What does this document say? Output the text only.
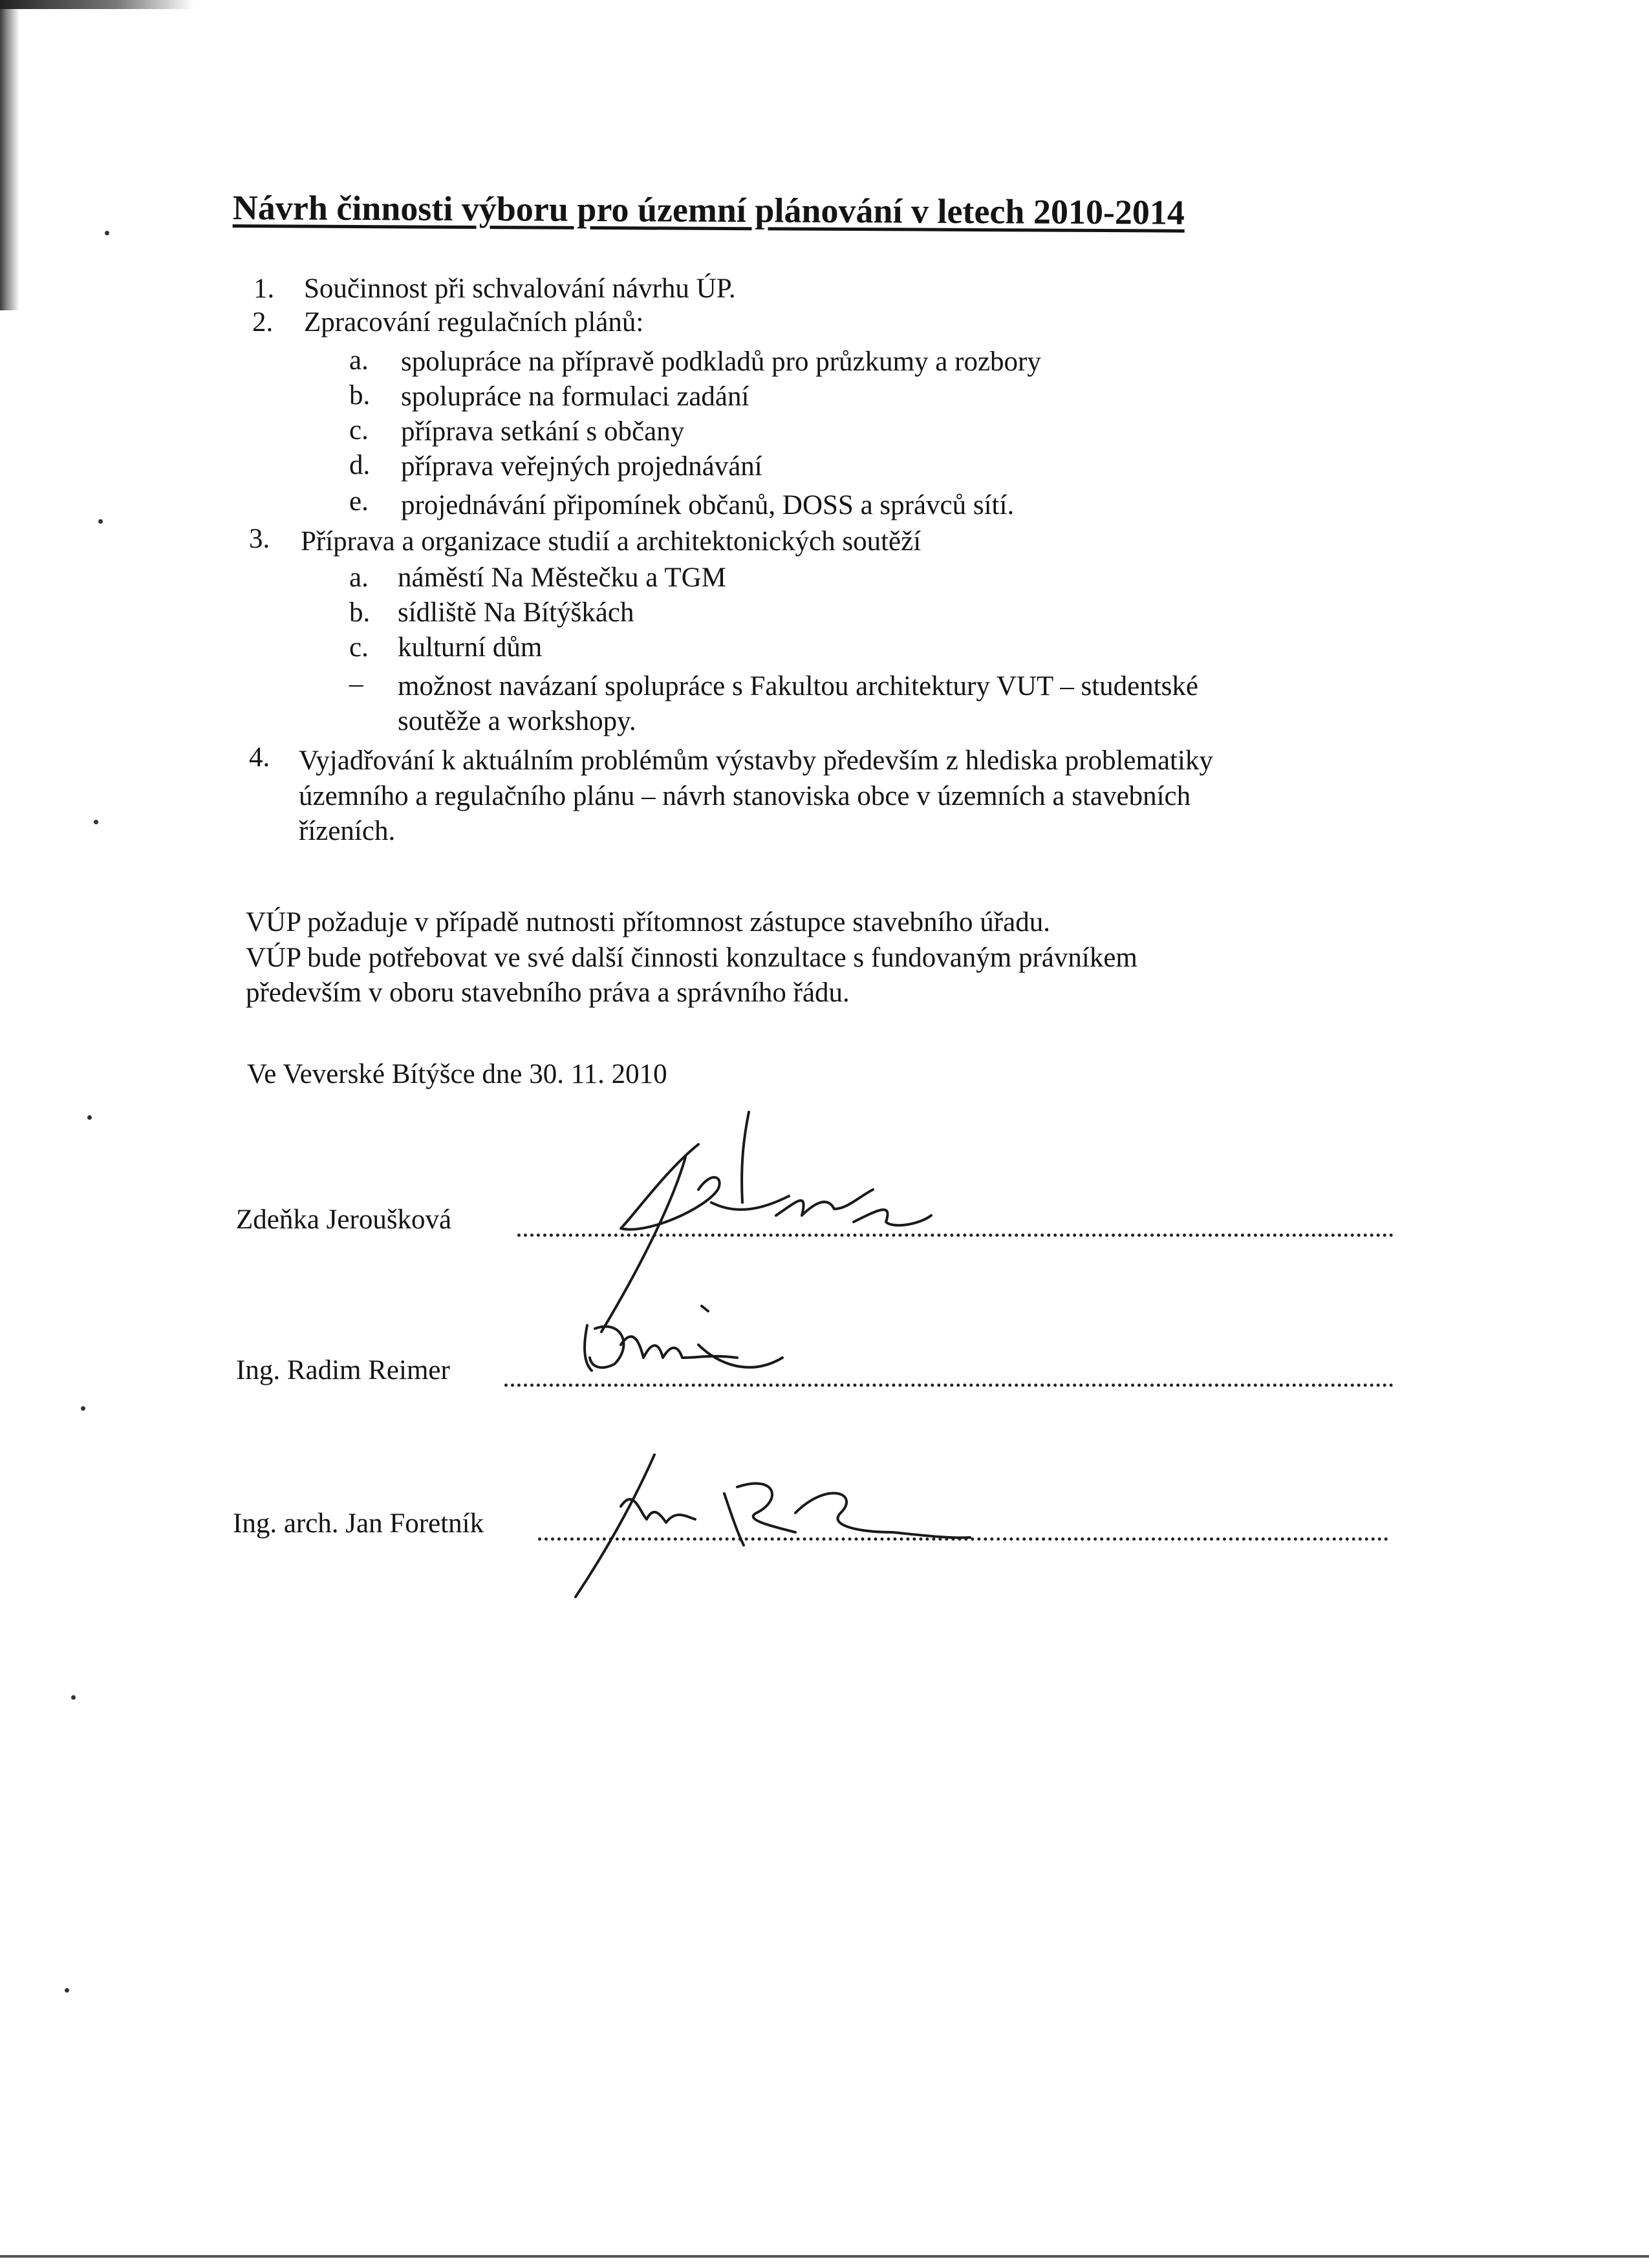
Návrh činnosti výboru pro územní plánování v letech 2010-2014
1. Součinnost při schvalování návrhu ÚP.
2. Zpracování regulačních plánů:
a. spolupráce na přípravě podkladů pro průzkumy a rozbory
b. spolupráce na formulaci zadání
c. příprava setkání s občany
d. příprava veřejných projednávání
e. projednávání připomínek občanů, DOSS a správců sítí.
3. Příprava a organizace studií a architektonických soutěží
a. náměstí Na Městečku a TGM
b. sídliště Na Bítýškách
c. kulturní dům
– možnost navázaní spolupráce s Fakultou architektury VUT – studentské
soutěže a workshopy.
4. Vyjadřování k aktuálním problémům výstavby především z hlediska problematiky
územního a regulačního plánu – návrh stanoviska obce v územních a stavebních
řízeních.
VÚP požaduje v případě nutnosti přítomnost zástupce stavebního úřadu.
VÚP bude potřebovat ve své další činnosti konzultace s fundovaným právníkem
především v oboru stavebního práva a správního řádu.
Ve Veverské Bítýšce dne 30. 11. 2010
Zdeňka Jeroušková
Ing. Radim Reimer
Ing. arch. Jan Foretník
